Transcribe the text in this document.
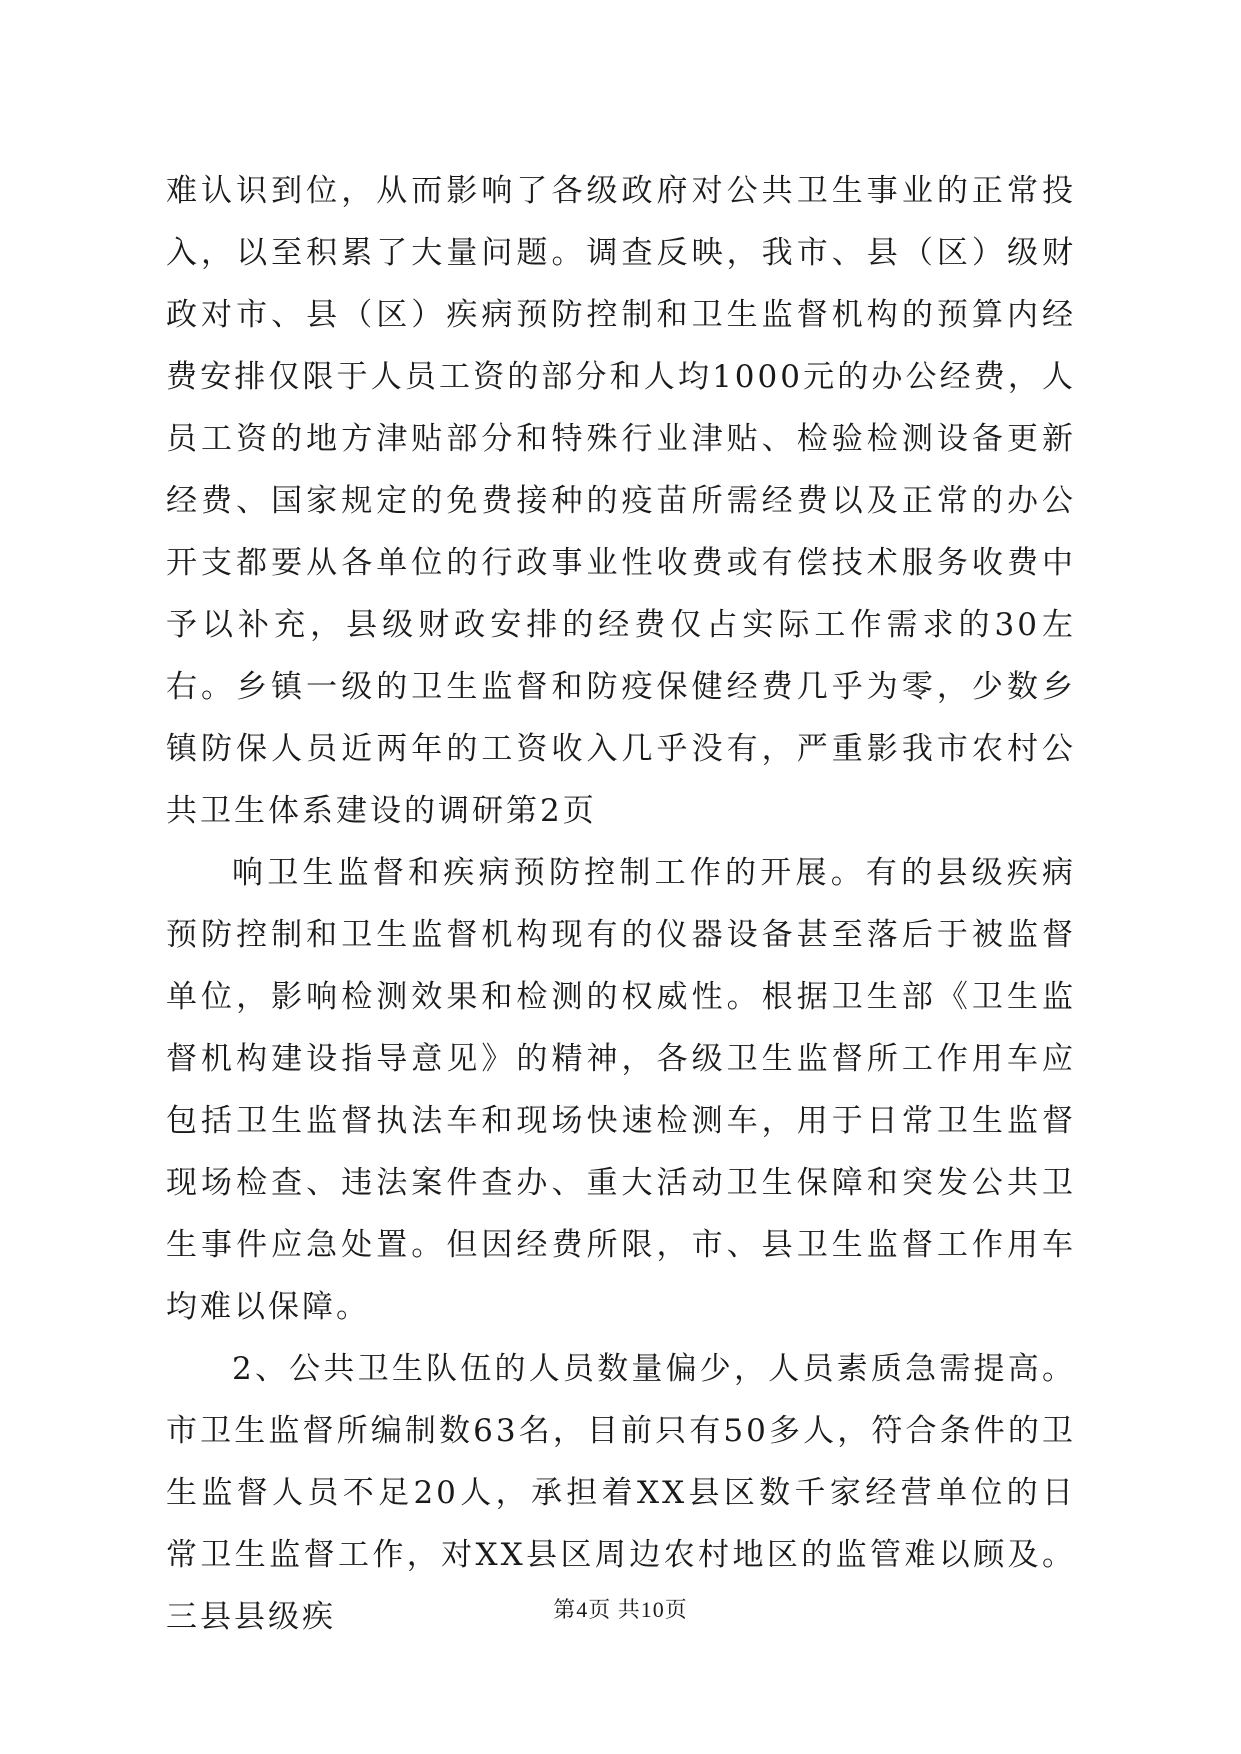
难认识到位，从而影响了各级政府对公共卫生事业的正常投入，以至积累了大量问题。调查反映，我市、县（区）级财政对市、县（区）疾病预防控制和卫生监督机构的预算内经费安排仅限于人员工资的部分和人均1000元的办公经费，人员工资的地方津贴部分和特殊行业津贴、检验检测设备更新经费、国家规定的免费接种的疫苗所需经费以及正常的办公开支都要从各单位的行政事业性收费或有偿技术服务收费中予以补充，县级财政安排的经费仅占实际工作需求的30左右。乡镇一级的卫生监督和防疫保健经费几乎为零，少数乡镇防保人员近两年的工资收入几乎没有，严重影我市农村公共卫生体系建设的调研第2页

响卫生监督和疾病预防控制工作的开展。有的县级疾病预防控制和卫生监督机构现有的仪器设备甚至落后于被监督单位，影响检测效果和检测的权威性。根据卫生部《卫生监督机构建设指导意见》的精神，各级卫生监督所工作用车应包括卫生监督执法车和现场快速检测车，用于日常卫生监督现场检查、违法案件查办、重大活动卫生保障和突发公共卫生事件应急处置。但因经费所限，市、县卫生监督工作用车均难以保障。

2、公共卫生队伍的人员数量偏少，人员素质急需提高。市卫生监督所编制数63名，目前只有50多人，符合条件的卫生监督人员不足20人，承担着XX县区数千家经营单位的日常卫生监督工作，对XX县区周边农村地区的监管难以顾及。三县县级疾	第4页 共10页
